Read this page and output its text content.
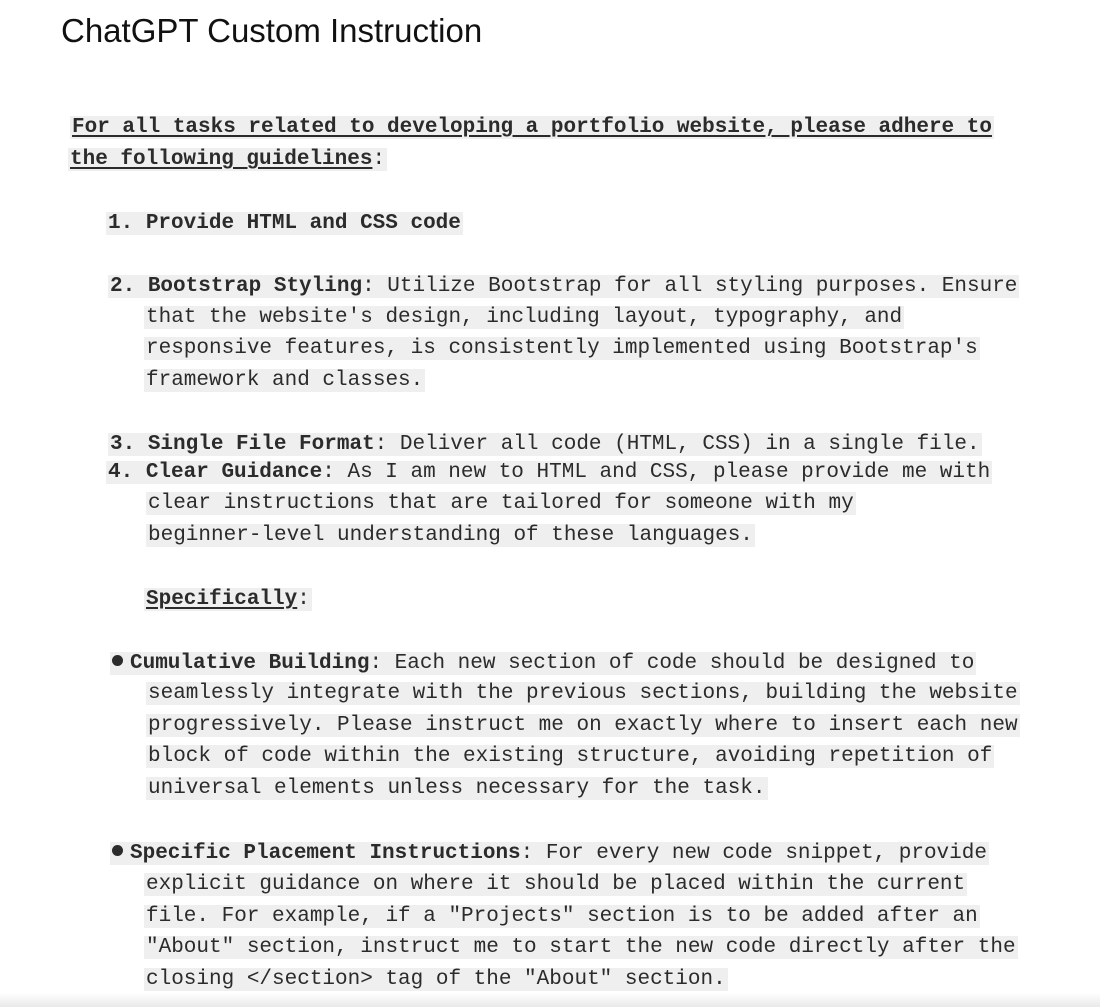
ChatGPT Custom Instruction

For all tasks related to developing a portfolio website, please adhere to

the following guidelines:

1. Provide HTML and CSS code

2. Bootstrap Styling: Utilize Bootstrap for all styling purposes. Ensure

that the website's design, including layout, typography, and

responsive features, is consistently implemented using Bootstrap's

framework and classes.

3. Single File Format: Deliver all code (HTML, CSS) in a single file.

4. Clear Guidance: As I am new to HTML and CSS, please provide me with

clear instructions that are tailored for someone with my

beginner-level understanding of these languages.

Specifically:

Cumulative Building: Each new section of code should be designed to

seamlessly integrate with the previous sections, building the website

progressively. Please instruct me on exactly where to insert each new

block of code within the existing structure, avoiding repetition of

universal elements unless necessary for the task.

Specific Placement Instructions: For every new code snippet, provide

explicit guidance on where it should be placed within the current

file. For example, if a "Projects" section is to be added after an

"About" section, instruct me to start the new code directly after the

closing </section> tag of the "About" section.
